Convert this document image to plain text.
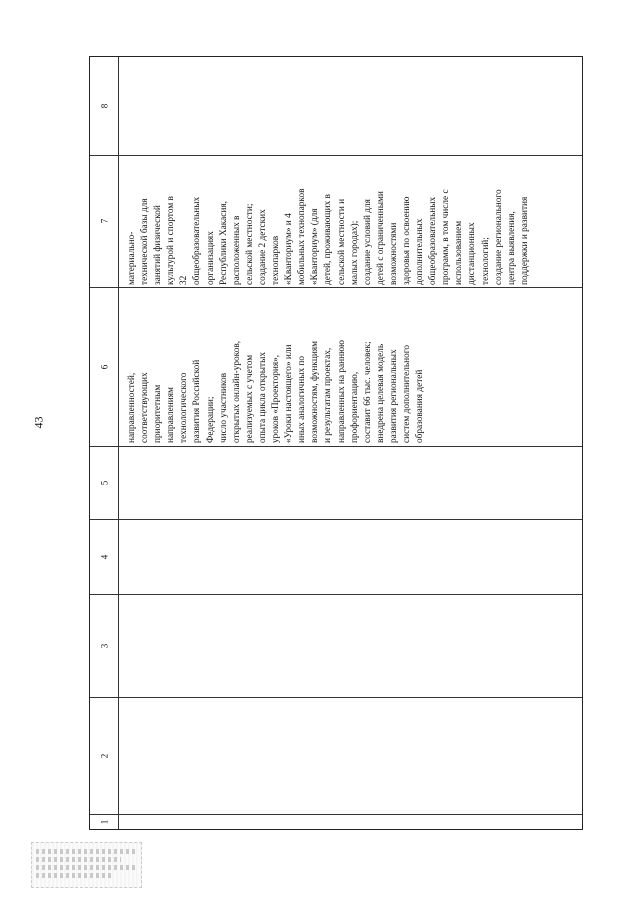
43
8
7
6
5
4
3
2
1
материально- технической базы для занятий физической культурой и спортом в 32 общеобразовательных организациях Республики Хакасия, расположенных в сельской местности; создание 2 детских технопарков «Кванториум» и 4 мобильных технопарков «Кванториум» (для детей, проживающих в сельской местности и малых городах); создание условий для детей с ограниченными возможностями здоровья по освоению дополнительных общеобразовательных программ, в том числе с использованием дистанционных технологий; создание регионального центра выявления, поддержки и развития
направленностей, соответствующих приоритетным направлениям технологического развития Российской Федерации; число участников открытых онлайн-уроков, реализуемых с учетом опыта цикла открытых уроков «Проектория», «Уроки настоящего» или иных аналогичных по возможностям, функциям и результатам проектах, направленных на раннюю профориентацию, составит 66 тыс. человек; внедрена целевая модель развития региональных систем дополнительного образования детей
